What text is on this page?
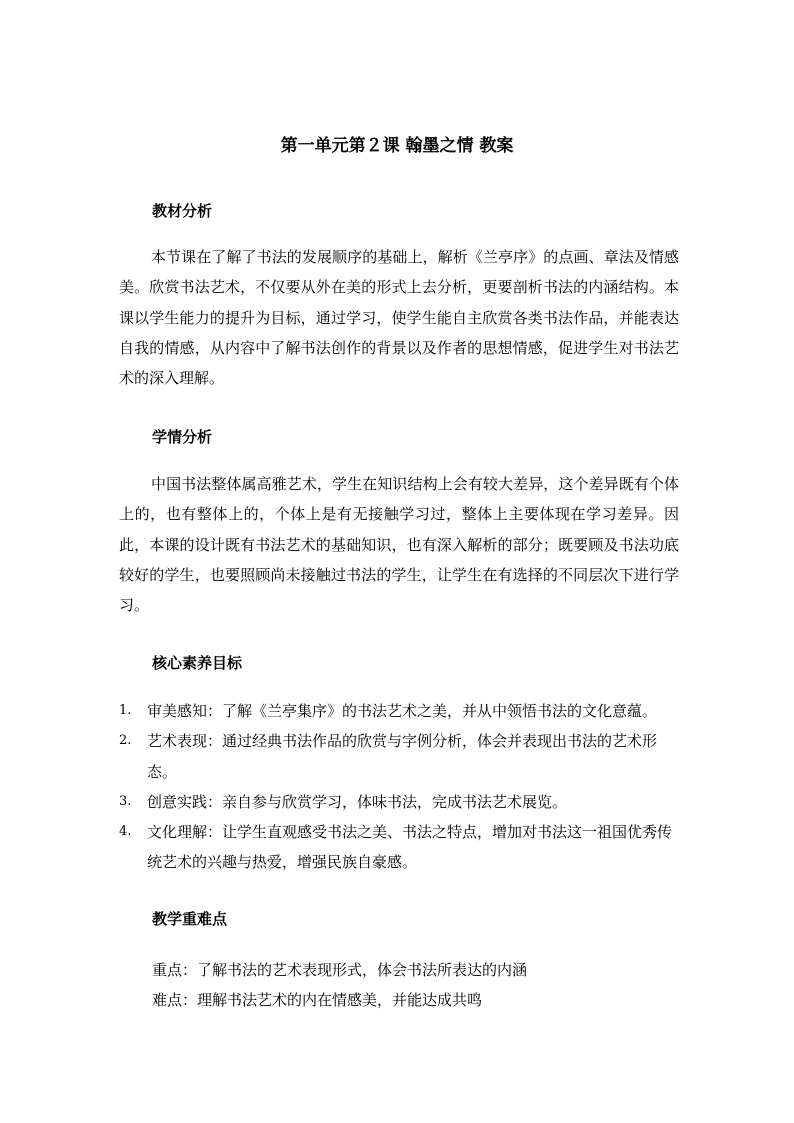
第一单元第２课 翰墨之情 教案
教材分析
本节课在了解了书法的发展顺序的基础上，解析《兰亭序》的点画、章法及情感美。欣赏书法艺术，不仅要从外在美的形式上去分析，更要剖析书法的内涵结构。本课以学生能力的提升为目标，通过学习，使学生能自主欣赏各类书法作品，并能表达自我的情感，从内容中了解书法创作的背景以及作者的思想情感，促进学生对书法艺术的深入理解。
学情分析
中国书法整体属高雅艺术，学生在知识结构上会有较大差异，这个差异既有个体上的，也有整体上的，个体上是有无接触学习过，整体上主要体现在学习差异。因此，本课的设计既有书法艺术的基础知识，也有深入解析的部分；既要顾及书法功底较好的学生，也要照顾尚未接触过书法的学生，让学生在有选择的不同层次下进行学习。
核心素养目标
1. 审美感知：了解《兰亭集序》的书法艺术之美，并从中领悟书法的文化意蕴。
2. 艺术表现：通过经典书法作品的欣赏与字例分析，体会并表现出书法的艺术形态。
3. 创意实践：亲自参与欣赏学习，体味书法，完成书法艺术展览。
4. 文化理解：让学生直观感受书法之美、书法之特点，增加对书法这一祖国优秀传统艺术的兴趣与热爱，增强民族自豪感。
教学重难点
重点：了解书法的艺术表现形式，体会书法所表达的内涵
难点：理解书法艺术的内在情感美，并能达成共鸣
